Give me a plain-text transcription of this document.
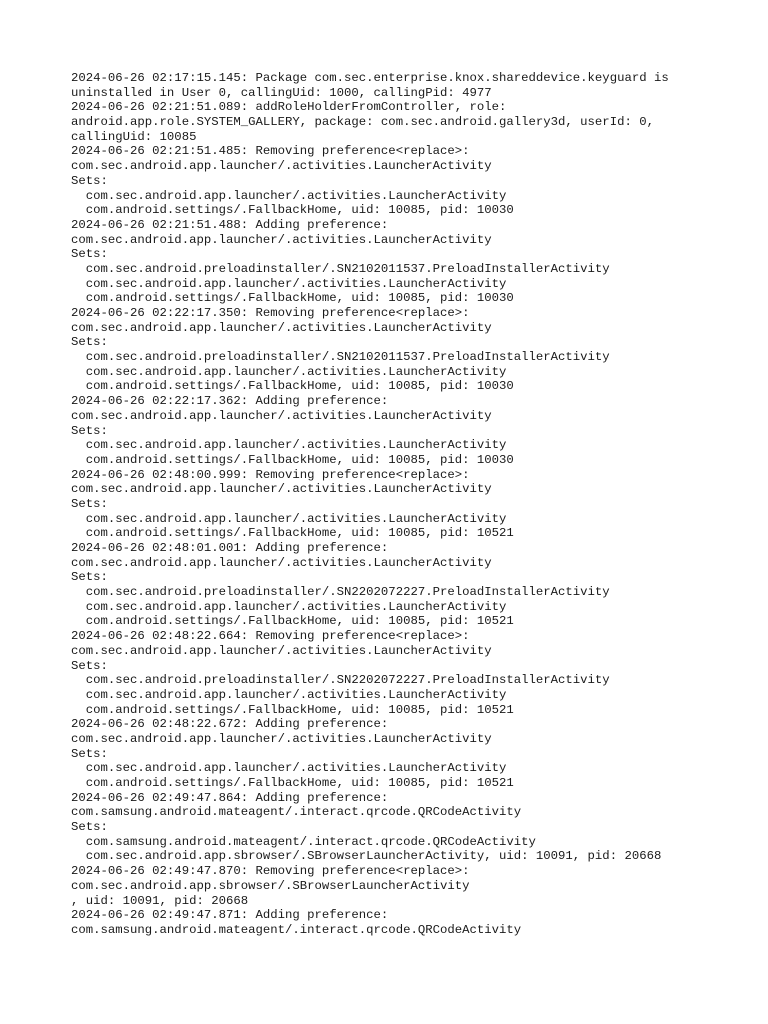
2024-06-26 02:17:15.145: Package com.sec.enterprise.knox.shareddevice.keyguard is
uninstalled in User 0, callingUid: 1000, callingPid: 4977
2024-06-26 02:21:51.089: addRoleHolderFromController, role:
android.app.role.SYSTEM_GALLERY, package: com.sec.android.gallery3d, userId: 0,
callingUid: 10085
2024-06-26 02:21:51.485: Removing preference<replace>:
com.sec.android.app.launcher/.activities.LauncherActivity
Sets:
com.sec.android.app.launcher/.activities.LauncherActivity
com.android.settings/.FallbackHome, uid: 10085, pid: 10030
2024-06-26 02:21:51.488: Adding preference:
com.sec.android.app.launcher/.activities.LauncherActivity
Sets:
com.sec.android.preloadinstaller/.SN2102011537.PreloadInstallerActivity
com.sec.android.app.launcher/.activities.LauncherActivity
com.android.settings/.FallbackHome, uid: 10085, pid: 10030
2024-06-26 02:22:17.350: Removing preference<replace>:
com.sec.android.app.launcher/.activities.LauncherActivity
Sets:
com.sec.android.preloadinstaller/.SN2102011537.PreloadInstallerActivity
com.sec.android.app.launcher/.activities.LauncherActivity
com.android.settings/.FallbackHome, uid: 10085, pid: 10030
2024-06-26 02:22:17.362: Adding preference:
com.sec.android.app.launcher/.activities.LauncherActivity
Sets:
com.sec.android.app.launcher/.activities.LauncherActivity
com.android.settings/.FallbackHome, uid: 10085, pid: 10030
2024-06-26 02:48:00.999: Removing preference<replace>:
com.sec.android.app.launcher/.activities.LauncherActivity
Sets:
com.sec.android.app.launcher/.activities.LauncherActivity
com.android.settings/.FallbackHome, uid: 10085, pid: 10521
2024-06-26 02:48:01.001: Adding preference:
com.sec.android.app.launcher/.activities.LauncherActivity
Sets:
com.sec.android.preloadinstaller/.SN2202072227.PreloadInstallerActivity
com.sec.android.app.launcher/.activities.LauncherActivity
com.android.settings/.FallbackHome, uid: 10085, pid: 10521
2024-06-26 02:48:22.664: Removing preference<replace>:
com.sec.android.app.launcher/.activities.LauncherActivity
Sets:
com.sec.android.preloadinstaller/.SN2202072227.PreloadInstallerActivity
com.sec.android.app.launcher/.activities.LauncherActivity
com.android.settings/.FallbackHome, uid: 10085, pid: 10521
2024-06-26 02:48:22.672: Adding preference:
com.sec.android.app.launcher/.activities.LauncherActivity
Sets:
com.sec.android.app.launcher/.activities.LauncherActivity
com.android.settings/.FallbackHome, uid: 10085, pid: 10521
2024-06-26 02:49:47.864: Adding preference:
com.samsung.android.mateagent/.interact.qrcode.QRCodeActivity
Sets:
com.samsung.android.mateagent/.interact.qrcode.QRCodeActivity
com.sec.android.app.sbrowser/.SBrowserLauncherActivity, uid: 10091, pid: 20668
2024-06-26 02:49:47.870: Removing preference<replace>:
com.sec.android.app.sbrowser/.SBrowserLauncherActivity
, uid: 10091, pid: 20668
2024-06-26 02:49:47.871: Adding preference:
com.samsung.android.mateagent/.interact.qrcode.QRCodeActivity
